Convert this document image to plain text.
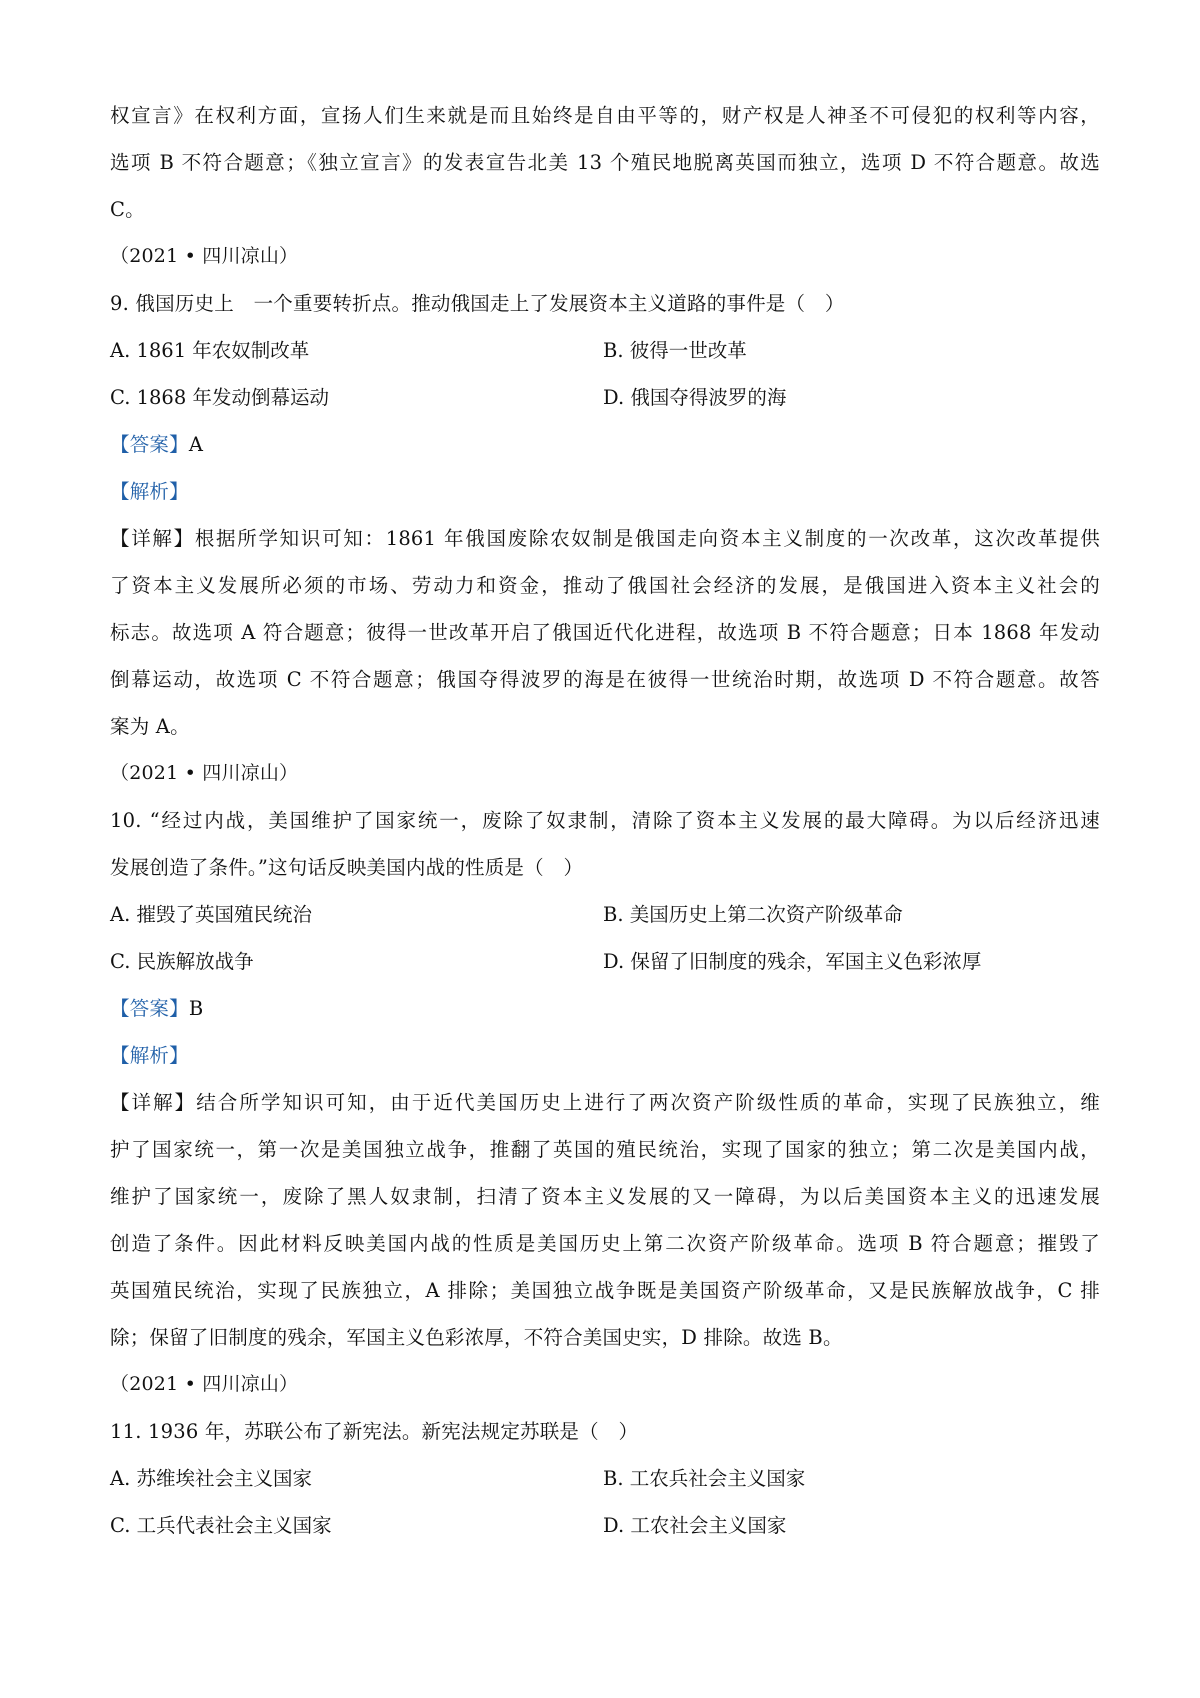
权宣言》在权利方面，宣扬人们生来就是而且始终是自由平等的，财产权是人神圣不可侵犯的权利等内容，
选项 B 不符合题意；《独立宣言》的发表宣告北美 13 个殖民地脱离英国而独立，选项 D 不符合题意。故选
C。
（2021 • 四川凉山）
9. 俄国历史上　一个重要转折点。推动俄国走上了发展资本主义道路的事件是（　）
A. 1861 年农奴制改革	B. 彼得一世改革
C. 1868 年发动倒幕运动	D. 俄国夺得波罗的海
【答案】A
【解析】
【详解】根据所学知识可知：1861 年俄国废除农奴制是俄国走向资本主义制度的一次改革，这次改革提供
了资本主义发展所必须的市场、劳动力和资金，推动了俄国社会经济的发展，是俄国进入资本主义社会的
标志。故选项 A 符合题意；彼得一世改革开启了俄国近代化进程，故选项 B 不符合题意；日本 1868 年发动
倒幕运动，故选项 C 不符合题意；俄国夺得波罗的海是在彼得一世统治时期，故选项 D 不符合题意。故答
案为 A。
（2021 • 四川凉山）
10. “经过内战，美国维护了国家统一，废除了奴隶制，清除了资本主义发展的最大障碍。为以后经济迅速
发展创造了条件。”这句话反映美国内战的性质是（　）
A. 摧毁了英国殖民统治	B. 美国历史上第二次资产阶级革命
C. 民族解放战争	D. 保留了旧制度的残余，军国主义色彩浓厚
【答案】B
【解析】
【详解】结合所学知识可知，由于近代美国历史上进行了两次资产阶级性质的革命，实现了民族独立，维
护了国家统一，第一次是美国独立战争，推翻了英国的殖民统治，实现了国家的独立；第二次是美国内战，
维护了国家统一，废除了黑人奴隶制，扫清了资本主义发展的又一障碍，为以后美国资本主义的迅速发展
创造了条件。因此材料反映美国内战的性质是美国历史上第二次资产阶级革命。选项 B 符合题意；摧毁了
英国殖民统治，实现了民族独立，A 排除；美国独立战争既是美国资产阶级革命，又是民族解放战争，C 排
除；保留了旧制度的残余，军国主义色彩浓厚，不符合美国史实，D 排除。故选 B。
（2021 • 四川凉山）
11. 1936 年，苏联公布了新宪法。新宪法规定苏联是（　）
A. 苏维埃社会主义国家	B. 工农兵社会主义国家
C. 工兵代表社会主义国家	D. 工农社会主义国家
